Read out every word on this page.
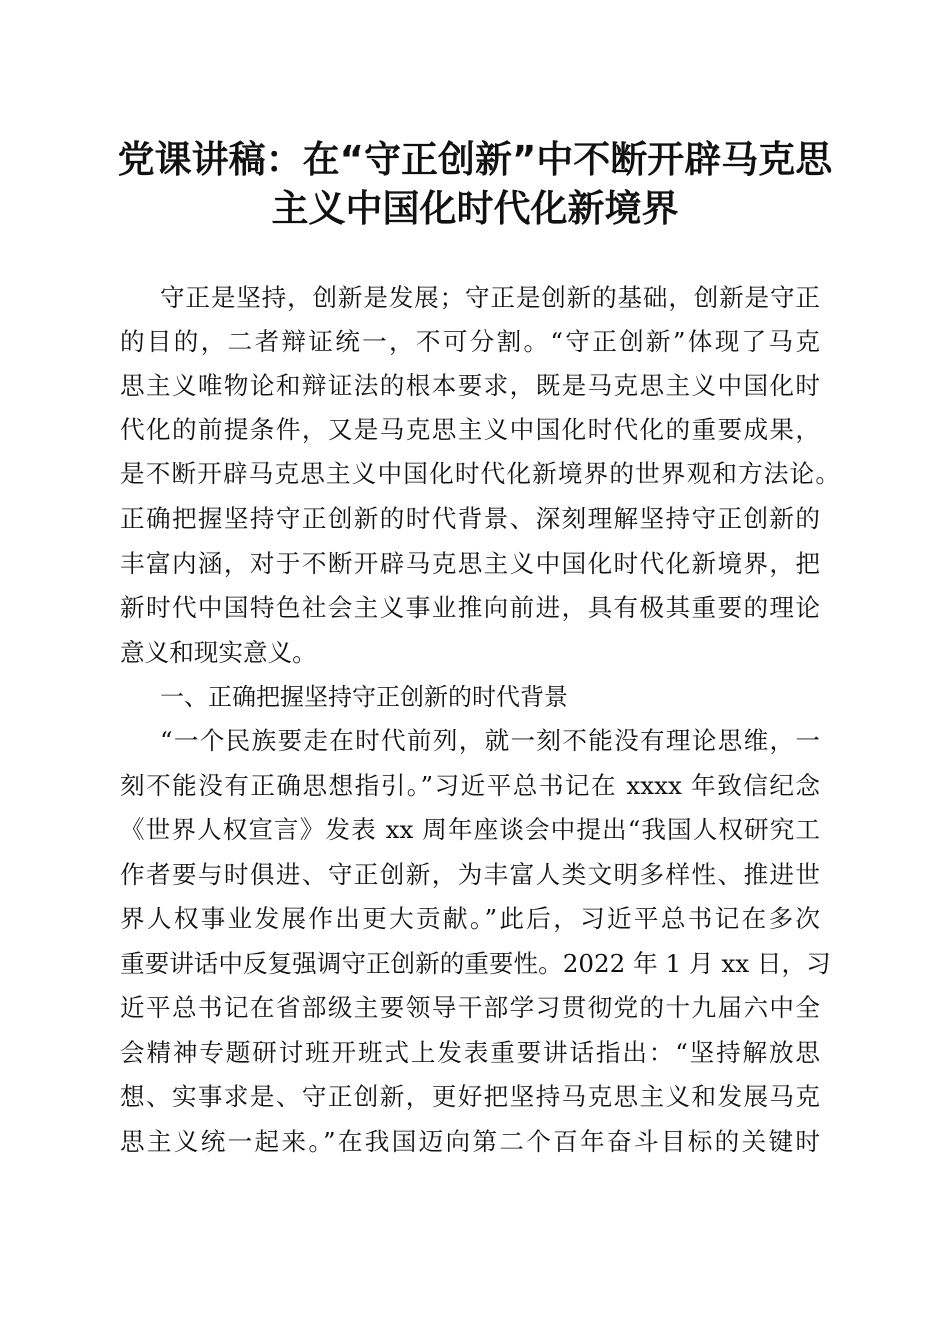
党课讲稿：在“守正创新”中不断开辟马克思
主义中国化时代化新境界
守正是坚持，创新是发展；守正是创新的基础，创新是守正
的目的，二者辩证统一，不可分割。“守正创新”体现了马克
思主义唯物论和辩证法的根本要求，既是马克思主义中国化时
代化的前提条件，又是马克思主义中国化时代化的重要成果，
是不断开辟马克思主义中国化时代化新境界的世界观和方法论。
正确把握坚持守正创新的时代背景、深刻理解坚持守正创新的
丰富内涵，对于不断开辟马克思主义中国化时代化新境界，把
新时代中国特色社会主义事业推向前进，具有极其重要的理论
意义和现实意义。
一、正确把握坚持守正创新的时代背景
“一个民族要走在时代前列，就一刻不能没有理论思维，一
刻不能没有正确思想指引。”习近平总书记在 xxxx 年致信纪念
《世界人权宣言》发表 xx 周年座谈会中提出“我国人权研究工
作者要与时俱进、守正创新，为丰富人类文明多样性、推进世
界人权事业发展作出更大贡献。”此后，习近平总书记在多次
重要讲话中反复强调守正创新的重要性。2022 年 1 月 xx 日，习
近平总书记在省部级主要领导干部学习贯彻党的十九届六中全
会精神专题研讨班开班式上发表重要讲话指出：“坚持解放思
想、实事求是、守正创新，更好把坚持马克思主义和发展马克
思主义统一起来。”在我国迈向第二个百年奋斗目标的关键时
